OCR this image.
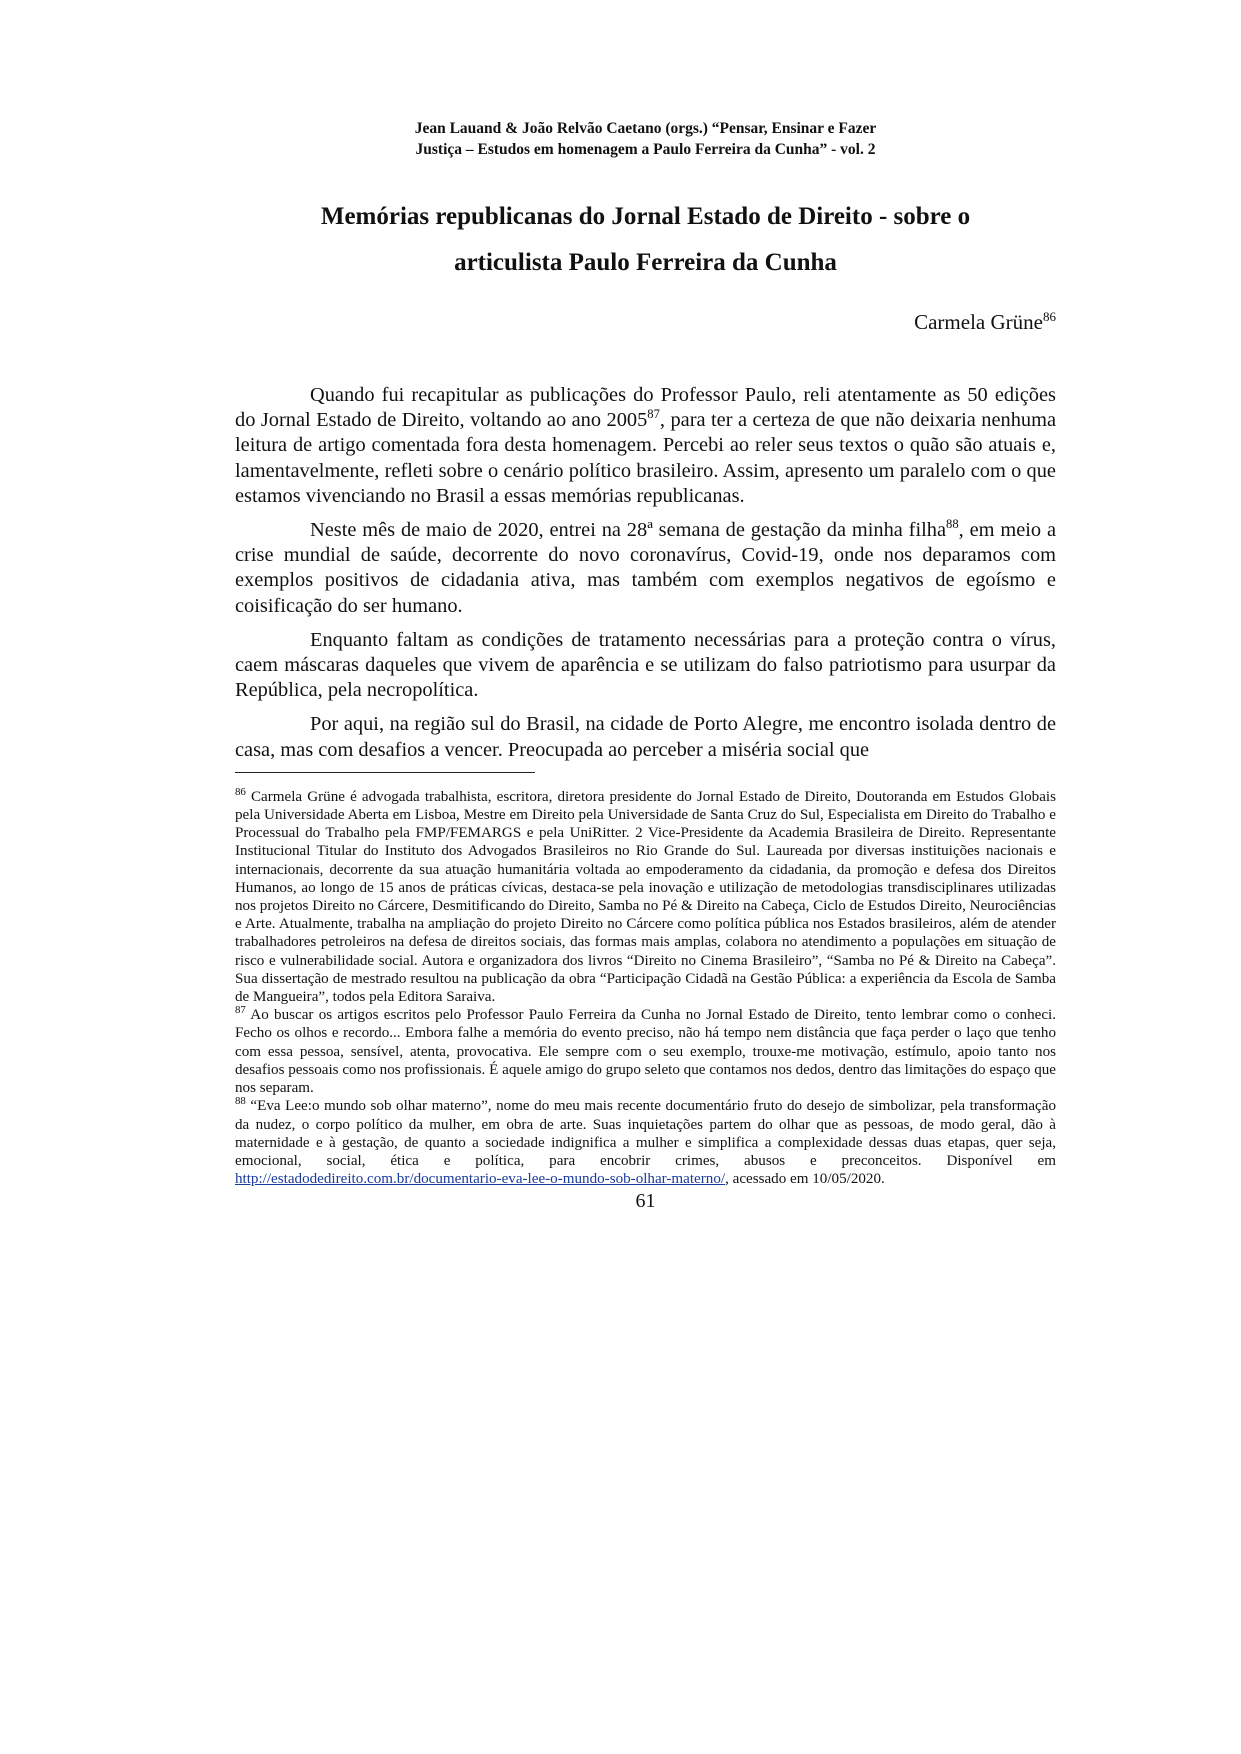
Jean Lauand & João Relvão Caetano (orgs.) “Pensar, Ensinar e Fazer
Justiça – Estudos em homenagem a Paulo Ferreira da Cunha” - vol. 2
Memórias republicanas do Jornal Estado de Direito - sobre o
articulista Paulo Ferreira da Cunha
Carmela Grüne$^{86}$

Quando fui recapitular as publicações do Professor Paulo, reli atentamente as 50 edições do Jornal Estado de Direito, voltando ao ano 2005$^{87}$, para ter a certeza de que não deixaria nenhuma leitura de artigo comentada fora desta homenagem. Percebi ao reler seus textos o quão são atuais e, lamentavelmente, refleti sobre o cenário político brasileiro. Assim, apresento um paralelo com o que estamos vivenciando no Brasil a essas memórias republicanas.

Neste mês de maio de 2020, entrei na 28ª semana de gestação da minha filha$^{88}$, em meio a crise mundial de saúde, decorrente do novo coronavírus, Covid-19, onde nos deparamos com exemplos positivos de cidadania ativa, mas também com exemplos negativos de egoísmo e coisificação do ser humano.

Enquanto faltam as condições de tratamento necessárias para a proteção contra o vírus, caem máscaras daqueles que vivem de aparência e se utilizam do falso patriotismo para usurpar da República, pela necropolítica.

Por aqui, na região sul do Brasil, na cidade de Porto Alegre, me encontro isolada dentro de casa, mas com desafios a vencer. Preocupada ao perceber a miséria social que

$^{86}$ Carmela Grüne é advogada trabalhista, escritora, diretora presidente do Jornal Estado de Direito, Doutoranda em Estudos Globais pela Universidade Aberta em Lisboa, Mestre em Direito pela Universidade de Santa Cruz do Sul, Especialista em Direito do Trabalho e Processual do Trabalho pela FMP/FEMARGS e pela UniRitter. 2 Vice-Presidente da Academia Brasileira de Direito. Representante Institucional Titular do Instituto dos Advogados Brasileiros no Rio Grande do Sul. Laureada por diversas instituições nacionais e internacionais, decorrente da sua atuação humanitária voltada ao empoderamento da cidadania, da promoção e defesa dos Direitos Humanos, ao longo de 15 anos de práticas cívicas, destaca-se pela inovação e utilização de metodologias transdisciplinares utilizadas nos projetos Direito no Cárcere, Desmitificando do Direito, Samba no Pé & Direito na Cabeça, Ciclo de Estudos Direito, Neurociências e Arte. Atualmente, trabalha na ampliação do projeto Direito no Cárcere como política pública nos Estados brasileiros, além de atender trabalhadores petroleiros na defesa de direitos sociais, das formas mais amplas, colabora no atendimento a populações em situação de risco e vulnerabilidade social. Autora e organizadora dos livros “Direito no Cinema Brasileiro”, “Samba no Pé & Direito na Cabeça”. Sua dissertação de mestrado resultou na publicação da obra “Participação Cidadã na Gestão Pública: a experiência da Escola de Samba de Mangueira”, todos pela Editora Saraiva.

$^{87}$ Ao buscar os artigos escritos pelo Professor Paulo Ferreira da Cunha no Jornal Estado de Direito, tento lembrar como o conheci. Fecho os olhos e recordo... Embora falhe a memória do evento preciso, não há tempo nem distância que faça perder o laço que tenho com essa pessoa, sensível, atenta, provocativa. Ele sempre com o seu exemplo, trouxe-me motivação, estímulo, apoio tanto nos desafios pessoais como nos profissionais. É aquele amigo do grupo seleto que contamos nos dedos, dentro das limitações do espaço que nos separam.

$^{88}$ “Eva Lee:o mundo sob olhar materno”, nome do meu mais recente documentário fruto do desejo de simbolizar, pela transformação da nudez, o corpo político da mulher, em obra de arte. Suas inquietações partem do olhar que as pessoas, de modo geral, dão à maternidade e à gestação, de quanto a sociedade indignifica a mulher e simplifica a complexidade dessas duas etapas, quer seja, emocional, social, ética e política, para encobrir crimes, abusos e preconceitos. Disponível em http://estadodedireito.com.br/documentario-eva-lee-o-mundo-sob-olhar-materno/, acessado em 10/05/2020.

61
